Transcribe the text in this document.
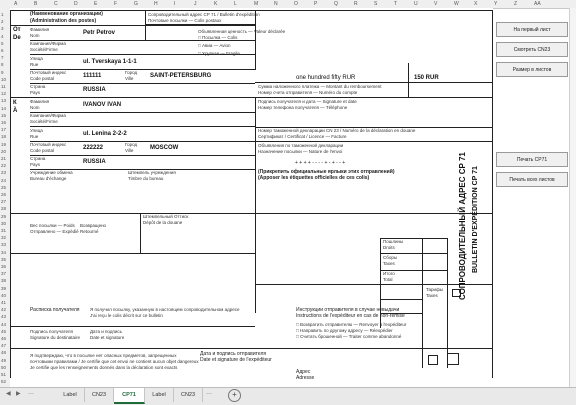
A	B	C	D	E	F	G	H	I	J	K	L	M	N	O	P	Q	R	S	T	U	V	W	X	Y	Z	AA
1
2
3
4
5
6
7
8
9
10
11
12
13
14
15
16
17
18
19
20
21
22
23
24
25
26
27
28
29
30
31
32
33
34
35
36
37
38
39
40
41
42
43
44
45
46
47
48
49
50
51
52
(Наименование организации)
(Administration des postes)
От
De
Сопроводительный адрес CP 71 / Bulletin d'expédition
Почтовые посылки — Colis postaux
Фамилия
Nom	Petr Petrov
Компания/Фирма
Société/Firme
Улица
Rue	ul. Tverskaya 1-1-1
Почтовый индекс
Code postal	111111
Город
Ville	SAINT-PETERSBURG
Страна
Pays	RUSSIA
Объявленная ценность — Valeur déclarée
□ Посылка — Colis
□ Авиа — Avion
□ Хрупкая — Fragile
one hundred fifty RUR	150 RUR
Сумма наложенного платежа — Montant du remboursement
Номер счета отправителя — Numéro du compte
Фамилия
Nom	IVANOV IVAN
К
À
Компания/Фирма
Société/Firme
Подпись получателя и дата — Signature et date
Номер телефона получателя — Téléphone
Улица
Rue	ul. Lenina 2-2-2
Почтовый индекс
Code postal	222222
Город
Ville	MOSCOW
Страна
Pays	RUSSIA
Учреждение обмена
Bureau d'échange
Штемпель учреждения
Timbre du bureau
Номер таможенной декларации CN 23 / Numéro de la déclaration en douane
Сертификат / Certificat / Licence — Facture
Объявления по таможенной декларации
Назначение посылки — Nature de l'envoi
+ + + + - - - - + - + - - +
(Прикрепить официальные ярлыки этих отправлений)
(Apposer les étiquettes officielles de ces colis)
Штемпельный Оттиск
Dépôt de la douane
Вес посылки — Poids
Отправлено — Expédié
Возвращено
Retourné
Пошлины
Droits
Сборы
Taxes
Итого
Total
Тарифы
Taxes
Расписка получателя Я получил посылку, указанную в настоящем сопроводительном адресе
J'ai reçu le colis décrit sur ce bulletin
Подпись получателя
Signature du destinataire
Дата и подпись
Date et signature
Инструкции отправителя в случае невыдачи
Instructions de l'expéditeur en cas de non-remise
□ Возвратить отправителю — Renvoyer à l'expéditeur
□ Направить по другому адресу — Réexpédier
□ Считать брошенной — Traiter comme abandonné
Дата и подпись отправителя
Date et signature de l'expéditeur
Я подтверждаю, что в посылке нет опасных предметов, запрещенных
почтовыми правилами / Je certifie que cet envoi ne contient aucun objet dangereux
Je certifie que les renseignements donnés dans la déclaration sont exacts
Адрес
Adresse
СОПРОВОДИТЕЛЬНЫЙ АДРЕС CP 71 BULLETIN D'EXPÉDITION CP 71
На первый лист
Смотреть CN23
Размер в листов
Печать CP71
Печать всех листов
◀ ▶ …	Label	CN23	CP71	Label	CN23	…	+
